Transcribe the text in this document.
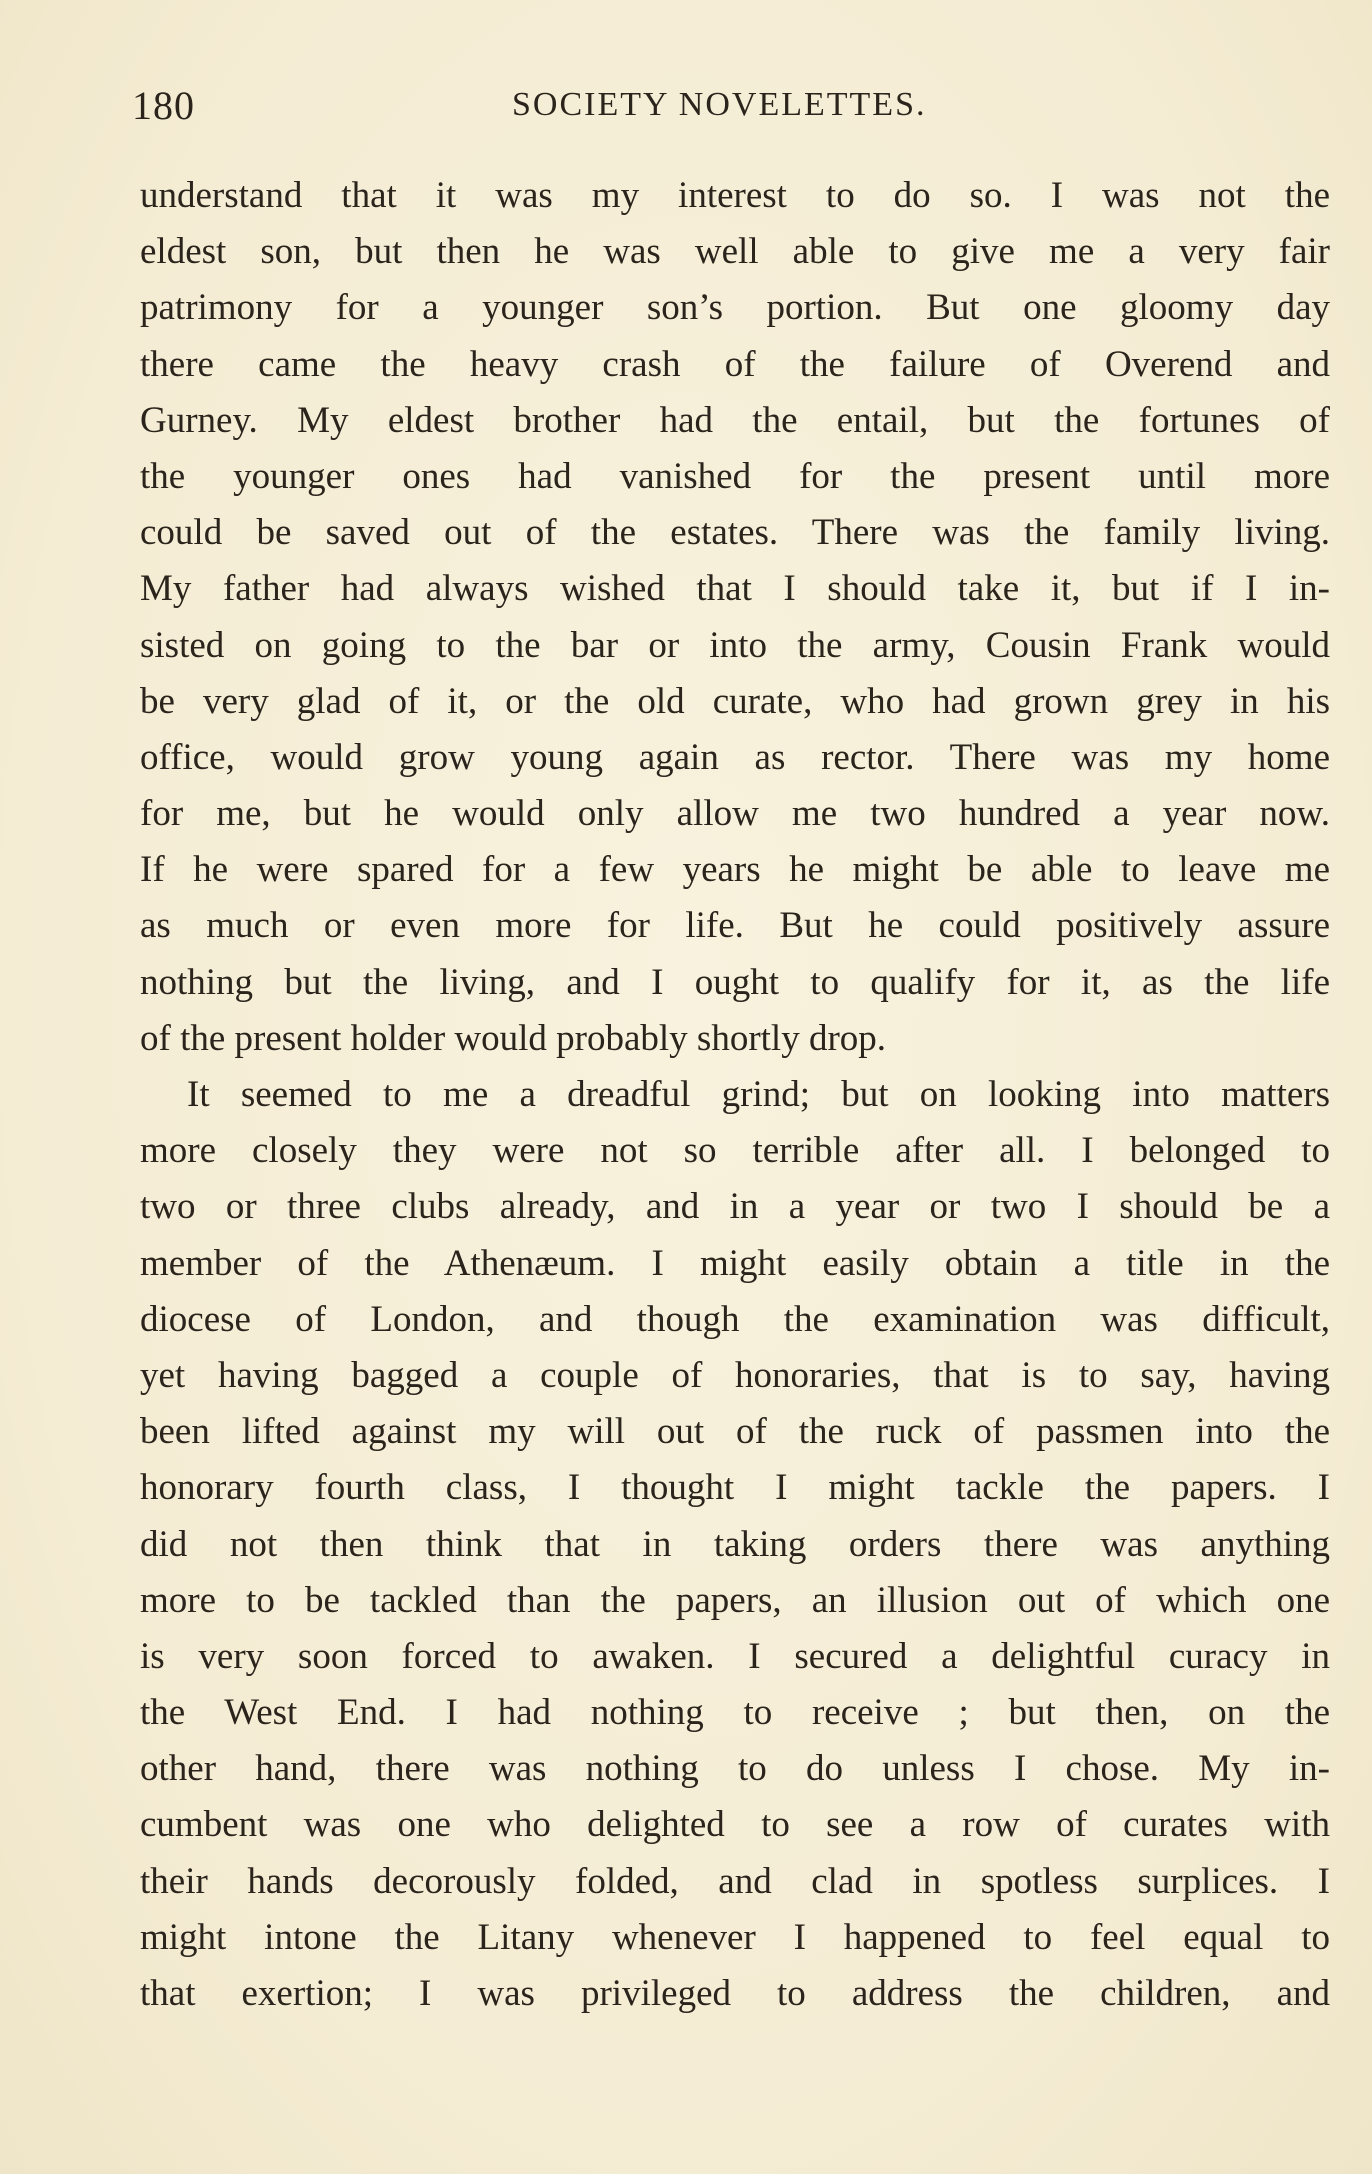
180	SOCIETY NOVELETTES.
understand that it was my interest to do so. I was not the
eldest son, but then he was well able to give me a very fair
patrimony for a younger son’s portion. But one gloomy day
there came the heavy crash of the failure of Overend and
Gurney. My eldest brother had the entail, but the fortunes of
the younger ones had vanished for the present until more
could be saved out of the estates. There was the family living.
My father had always wished that I should take it, but if I in-
sisted on going to the bar or into the army, Cousin Frank would
be very glad of it, or the old curate, who had grown grey in his
office, would grow young again as rector. There was my home
for me, but he would only allow me two hundred a year now.
If he were spared for a few years he might be able to leave me
as much or even more for life. But he could positively assure
nothing but the living, and I ought to qualify for it, as the life
of the present holder would probably shortly drop.
It seemed to me a dreadful grind; but on looking into matters
more closely they were not so terrible after all. I belonged to
two or three clubs already, and in a year or two I should be a
member of the Athenæum. I might easily obtain a title in the
diocese of London, and though the examination was difficult,
yet having bagged a couple of honoraries, that is to say, having
been lifted against my will out of the ruck of passmen into the
honorary fourth class, I thought I might tackle the papers. I
did not then think that in taking orders there was anything
more to be tackled than the papers, an illusion out of which one
is very soon forced to awaken. I secured a delightful curacy in
the West End. I had nothing to receive ; but then, on the
other hand, there was nothing to do unless I chose. My in-
cumbent was one who delighted to see a row of curates with
their hands decorously folded, and clad in spotless surplices. I
might intone the Litany whenever I happened to feel equal to
that exertion; I was privileged to address the children, and
